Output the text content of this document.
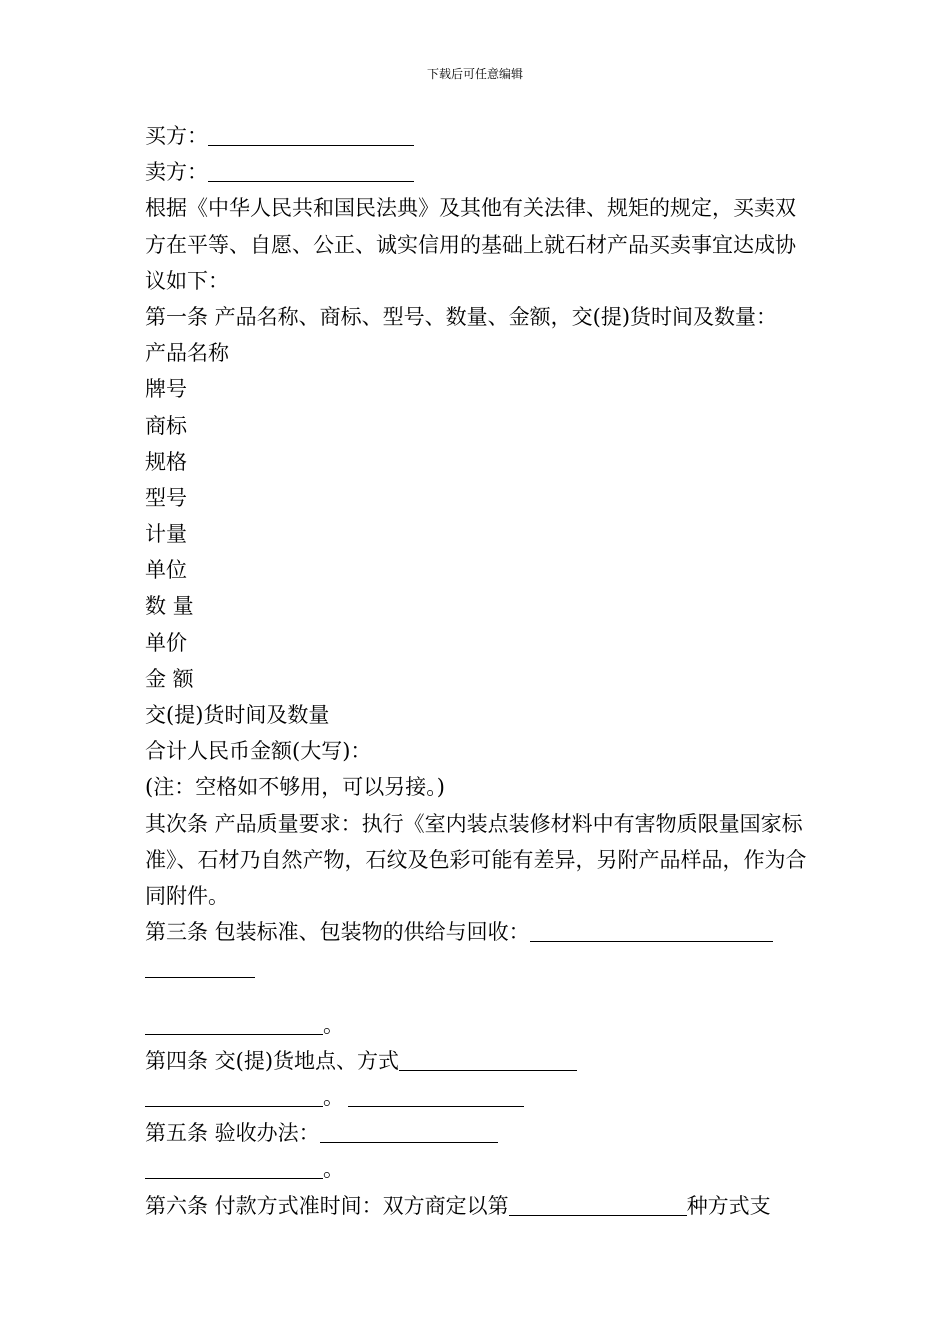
下载后可任意编辑
买方：
卖方：
根据《中华人民共和国民法典》及其他有关法律、规矩的规定，买卖双方在平等、自愿、公正、诚实信用的基础上就石材产品买卖事宜达成协议如下：
第一条 产品名称、商标、型号、数量、金额，交(提)货时间及数量：
产品名称
牌号
商标
规格
型号
计量
单位
数 量
单价
金 额
交(提)货时间及数量
合计人民币金额(大写)：
(注：空格如不够用，可以另接。)
其次条 产品质量要求：执行《室内装点装修材料中有害物质限量国家标准》、石材乃自然产物，石纹及色彩可能有差异，另附产品样品，作为合同附件。
第三条 包装标准、包装物的供给与回收：
。
第四条 交(提)货地点、方式
。
第五条 验收办法：
。
第六条 付款方式准时间：双方商定以第	种方式支
